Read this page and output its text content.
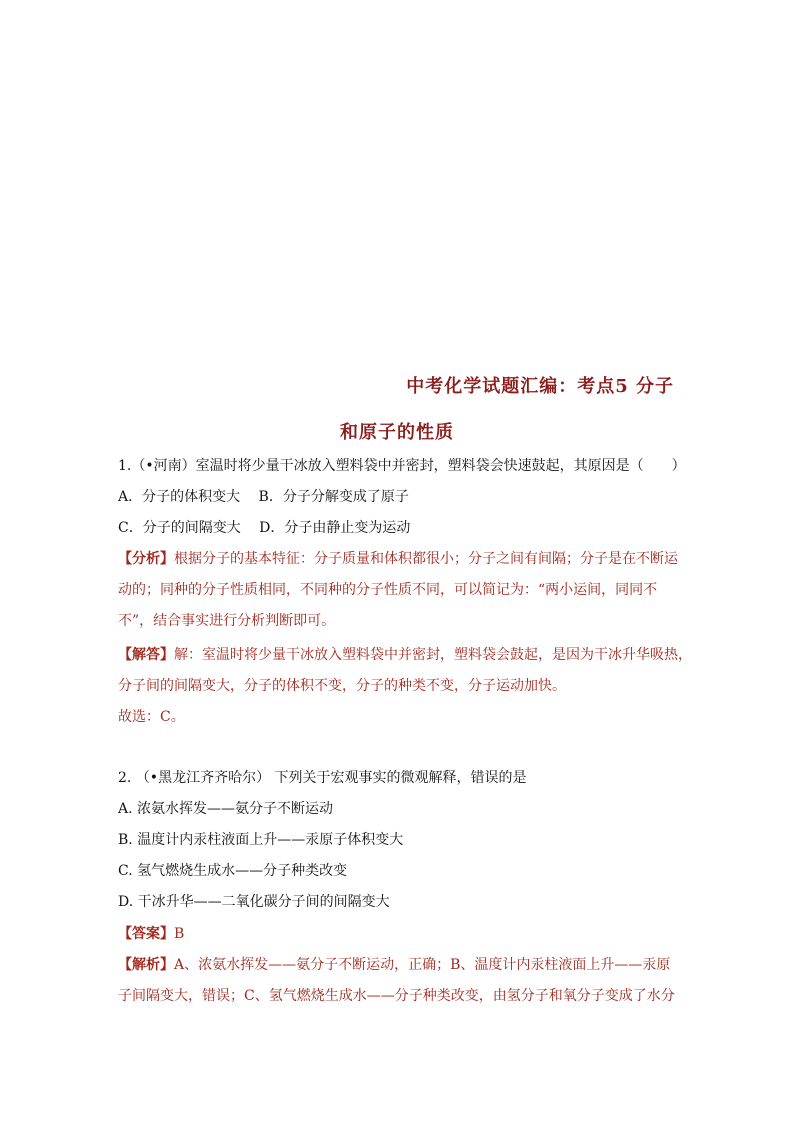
中考化学试题汇编：考点5 分子
和原子的性质
1.（•河南）室温时将少量干冰放入塑料袋中并密封，塑料袋会快速鼓起，其原因是（　　）
A．分子的体积变大　 B．分子分解变成了原子
C．分子的间隔变大　 D．分子由静止变为运动
【分析】根据分子的基本特征：分子质量和体积都很小；分子之间有间隔；分子是在不断运
动的；同种的分子性质相同，不同种的分子性质不同，可以简记为：“两小运间，同同不
不”，结合事实进行分析判断即可。
【解答】解：室温时将少量干冰放入塑料袋中并密封，塑料袋会鼓起，是因为干冰升华吸热，
分子间的间隔变大，分子的体积不变，分子的种类不变，分子运动加快。
故选：C。
2. （•黑龙江齐齐哈尔） 下列关于宏观事实的微观解释，错误的是
A. 浓氨水挥发——氨分子不断运动
B. 温度计内汞柱液面上升——汞原子体积变大
C. 氢气燃烧生成水——分子种类改变
D. 干冰升华——二氧化碳分子间的间隔变大
【答案】B
【解析】A、浓氨水挥发——氨分子不断运动，正确；B、温度计内汞柱液面上升——汞原
子间隔变大，错误；C、氢气燃烧生成水——分子种类改变，由氢分子和氧分子变成了水分
